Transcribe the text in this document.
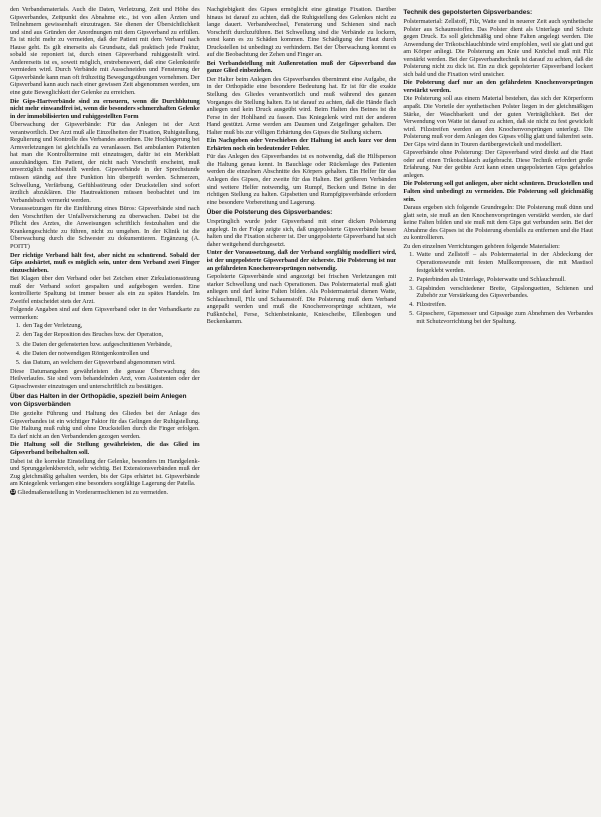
den Verbandsmaterials. Auch die Daten, Verletzung, Zeit und Höhe des Gipsverbandes, Zeitpunkt des Abnahme etc., ist von allen Ärzten und Teilnehmern gewissenhaft einzutragen. Sie dienen der Übersichtlichkeit und sind aus Gründen der Anordnungen mit dem Gipsverband zu erfüllen. Es ist nicht mehr zu vermeiden, daß der Patient mit dem Verband nach Hause geht. Es gilt einerseits als Grundsatz, daß praktisch jede Fraktur, sobald sie reponiert ist, durch einen Gipsverband ruhiggestellt wird. Andererseits ist es, soweit möglich, erstrebenswert, daß eine Gelenksteife vermieden wird. Durch Verbände mit Ausschneiden und Fensterung der Gipsverbände kann man oft frühzeitig Bewegungsübungen vornehmen. Der Gipsverband kann auch nach einer gewissen Zeit abgenommen werden, um eine gute Beweglichkeit der Gelenke zu erreichen.

Die Gips-Hartverbände sind zu erneuern, wenn die Durchblutung nicht mehr einwandfrei ist, wenn die besonders schmerzhaften Gelenke in der immobilisierten und ruhiggestellten Form

Überwachung der Gipsverbände: Für das Anlegen ist der Arzt verantwortlich. Der Arzt muß alle Einzelheiten der Fixation, Ruhigstellung, Regulierung und Kontrolle des Verbandes anordnen. Die Hochlagerung bei Armverletzungen ist gleichfalls zu veranlassen. Bei ambulanten Patienten hat man die Kontrolltermine mit einzutragen, dafür ist ein Merkblatt auszuhändigen. Ein Patient, der nicht nach Vorschrift erscheint, muß unverzüglich nachbestellt werden. Gipsverbände in der Sprechstunde müssen ständig auf ihre Funktion hin überprüft werden. Schmerzen, Schwellung, Verfärbung, Gefühlsstörung oder Druckstellen sind sofort ärztlich abzuklären. Die Hautreaktionen müssen beobachtet und im Verbandsbuch vermerkt werden.

Voraussetzungen für die Einführung eines Büros: Gipsverbände sind nach den Vorschriften der Unfallversicherung zu überwachen. Dabei ist die Pflicht des Arztes, die Anweisungen schriftlich festzuhalten und die Krankengeschichte zu führen, nicht zu umgehen. In der Klinik ist die Überwachung durch die Schwester zu dokumentieren. Ergänzung (A. POITT)

Der richtige Verband hält fest, aber nicht zu schnürend. Sobald der Gips aushärtet, muß es möglich sein, unter dem Verband zwei Finger einzuschieben.

Bei Klagen über den Verband oder bei Zeichen einer Zirkulationsstörung muß der Verband sofort gespalten und aufgebogen werden. Eine kontrollierte Spaltung ist immer besser als ein zu spätes Handeln. Im Zweifel entscheidet stets der Arzt.

Folgende Angaben sind auf dem Gipsverband oder in der Verbandkarte zu vermerken:

1. den Tag der Verletzung,
2. den Tag der Reposition des Bruches bzw. der Operation,
3. die Daten der gefensterten bzw. aufgeschnittenen Verbände,
4. die Daten der notwendigen Röntgenkontrollen und
5. das Datum, an welchem der Gipsverband abgenommen wird.

Diese Datumangaben gewährleisten die genaue Überwachung des Heilverlaufes. Sie sind vom behandelnden Arzt, vom Assistenten oder der Gipsschwester einzutragen und unterschriftlich zu bestätigen.

Über das Halten in der Orthopädie, speziell beim Anlegen von Gipsverbänden

Die gezielte Führung und Haltung des Gliedes bei der Anlage des Gipsverbandes ist ein wichtiger Faktor für das Gelingen der Ruhigstellung. Die Haltung muß ruhig und ohne Druckstellen durch die Finger erfolgen. Es darf nicht an den Verbandenden gezogen werden.

Die Haltung soll die Stellung gewährleisten, die das Glied im Gipsverband beibehalten soll.

Dabei ist die korrekte Einstellung der Gelenke, besonders im Handgelenk- und Sprunggelenkbereich, sehr wichtig. Bei Extensionsverbänden muß der Zug gleichmäßig gehalten werden, bis der Gips erhärtet ist. Gipsverbände am Kniegelenk verlangen eine besonders sorgfältige Lagerung der Patella.

13 Gliedmaßenstellung in Vorderarmschienen ist zu vermeiden.

Nachgiebigkeit des Gipses ermöglicht eine günstige Fixation. Darüber hinaus ist darauf zu achten, daß die Ruhigstellung des Gelenkes nicht zu lange dauert. Verbandwechsel, Fensterung und Schienen sind nach Vorschrift durchzuführen. Bei Schwellung sind die Verbände zu lockern, sonst kann es zu Schäden kommen. Eine Schädigung der Haut durch Druckstellen ist unbedingt zu verhindern. Bei der Überwachung kommt es auf die Beobachtung der Zehen und Finger an.

Bei Verbandstellung mit Außenrotation muß der Gipsverband das ganze Glied einbeziehen.

Der Halter beim Anlegen des Gipsverbandes übernimmt eine Aufgabe, die in der Orthopädie eine besondere Bedeutung hat. Er ist für die exakte Stellung des Gliedes verantwortlich und muß während des ganzen Vorganges die Stellung halten. Es ist darauf zu achten, daß die Hände flach anliegen und kein Druck ausgeübt wird. Beim Halten des Beines ist die Ferse in der Hohlhand zu fassen. Das Kniegelenk wird mit der anderen Hand gestützt. Arme werden am Daumen und Zeigefinger gehalten. Der Halter muß bis zur völligen Erhärtung des Gipses die Stellung sichern.

Ein Nachgeben oder Verschieben der Haltung ist auch kurz vor dem Erhärten noch ein bedeutender Fehler.

Für das Anlegen des Gipsverbandes ist es notwendig, daß die Hilfsperson die Haltung genau kennt. In Bauchlage oder Rückenlage des Patienten werden die einzelnen Abschnitte des Körpers gehalten. Ein Helfer für das Anlegen des Gipses, der zweite für das Halten. Bei größeren Verbänden sind weitere Helfer notwendig, um Rumpf, Becken und Beine in der richtigen Stellung zu halten. Gipsbetten und Rumpfgipsverbände erfordern eine besondere Vorbereitung und Lagerung.

Über die Polsterung des Gipsverbandes:

Ursprünglich wurde jeder Gipsverband mit einer dicken Polsterung angelegt. In der Folge zeigte sich, daß ungepolsterte Gipsverbände besser halten und die Fixation sicherer ist. Der ungepolsterte Gipsverband hat sich daher weitgehend durchgesetzt.

Unter der Voraussetzung, daß der Verband sorgfältig modelliert wird, ist der ungepolsterte Gipsverband der sicherste. Die Polsterung ist nur an gefährdeten Knochenvorsprüngen notwendig.

Gepolsterte Gipsverbände sind angezeigt bei frischen Verletzungen mit starker Schwellung und nach Operationen. Das Polstermaterial muß glatt anliegen und darf keine Falten bilden. Als Polstermaterial dienen Watte, Schlauchmull, Filz und Schaumstoff. Die Polsterung muß dem Verband angepaßt werden und muß die Knochenvorsprünge schützen, wie Fußknöchel, Ferse, Schienbeinkante, Kniescheibe, Ellenbogen und Beckenkamm.

Technik des gepolsterten Gipsverbandes:

Polstermaterial: Zellstoff, Filz, Watte und in neuerer Zeit auch synthetische Polster aus Schaumstoffen. Das Polster dient als Unterlage und Schutz gegen Druck. Es soll gleichmäßig und ohne Falten angelegt werden. Die Anwendung der Trikotschlauchbinde wird empfohlen, weil sie glatt und gut am Körper anliegt. Die Polsterung am Knie und Knöchel muß mit Filz verstärkt werden. Bei der Gipsverbandtechnik ist darauf zu achten, daß die Polsterung nicht zu dick ist. Ein zu dick gepolsterter Gipsverband lockert sich bald und die Fixation wird unsicher.

Die Polsterung darf nur an den gefährdeten Knochenvorsprüngen verstärkt werden.

Die Polsterung soll aus einem Material bestehen, das sich der Körperform anpaßt. Die Vorteile der synthetischen Polster liegen in der gleichmäßigen Stärke, der Waschbarkeit und der guten Verträglichkeit. Bei der Verwendung von Watte ist darauf zu achten, daß sie nicht zu fest gewickelt wird. Filzstreifen werden an den Knochenvorsprüngen unterlegt. Die Polsterung muß vor dem Anlegen des Gipses völlig glatt und faltenfrei sein. Der Gips wird dann in Touren darübergewickelt und modelliert.

Gipsverbände ohne Polsterung: Der Gipsverband wird direkt auf die Haut oder auf einen Trikotschlauch aufgebracht. Diese Technik erfordert große Erfahrung. Nur der geübte Arzt kann einen ungepolsterten Gips gefahrlos anlegen.

Die Polsterung soll gut anliegen, aber nicht schnüren. Druckstellen und Falten sind unbedingt zu vermeiden. Die Polsterung soll gleichmäßig sein.

Daraus ergeben sich folgende Grundregeln: Die Polsterung muß dünn und glatt sein, sie muß an den Knochenvorsprüngen verstärkt werden, sie darf keine Falten bilden und sie muß mit dem Gips gut verbunden sein. Bei der Abnahme des Gipses ist die Polsterung ebenfalls zu entfernen und die Haut zu kontrollieren.

Zu den einzelnen Verrichtungen gehören folgende Materialien:

1. Watte und Zellstoff – als Polstermaterial in der Abdeckung der Operationswunde mit festen Mullkompressen, die mit Mastisol festgeklebt werden.
2. Papierbinden als Unterlage, Polsterwatte und Schlauchmull.
3. Gipsbinden verschiedener Breite, Gipslonguetten, Schienen und Zubehör zur Verstärkung des Gipsverbandes.
4. Filzstreifen.
5. Gipsschere, Gipsmesser und Gipssäge zum Abnehmen des Verbandes mit Schutzvorrichtung bei der Spaltung.
